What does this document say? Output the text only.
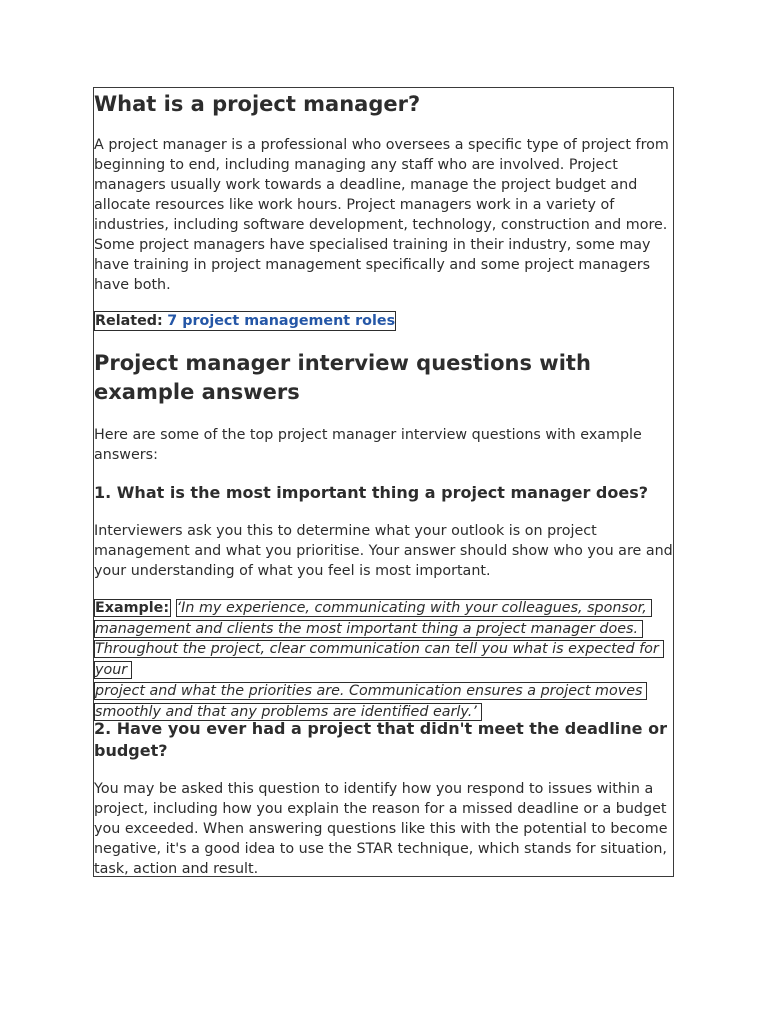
What is a project manager?

A project manager is a professional who oversees a specific type of project from beginning to end, including managing any staff who are involved. Project managers usually work towards a deadline, manage the project budget and allocate resources like work hours. Project managers work in a variety of industries, including software development, technology, construction and more. Some project managers have specialised training in their industry, some may have training in project management specifically and some project managers have both.

Related: 7 project management roles
Project manager interview questions with example answers

Here are some of the top project manager interview questions with example answers:

1. What is the most important thing a project manager does?

Interviewers ask you this to determine what your outlook is on project management and what you prioritise. Your answer should show who you are and your understanding of what you feel is most important.

Example: ‘In my experience, communicating with your colleagues, sponsor,
management and clients the most important thing a project manager does.
Throughout the project, clear communication can tell you what is expected for your
project and what the priorities are. Communication ensures a project moves
smoothly and that any problems are identified early.’
2. Have you ever had a project that didn't meet the deadline or budget?

You may be asked this question to identify how you respond to issues within a project, including how you explain the reason for a missed deadline or a budget you exceeded. When answering questions like this with the potential to become negative, it's a good idea to use the STAR technique, which stands for situation, task, action and result.
